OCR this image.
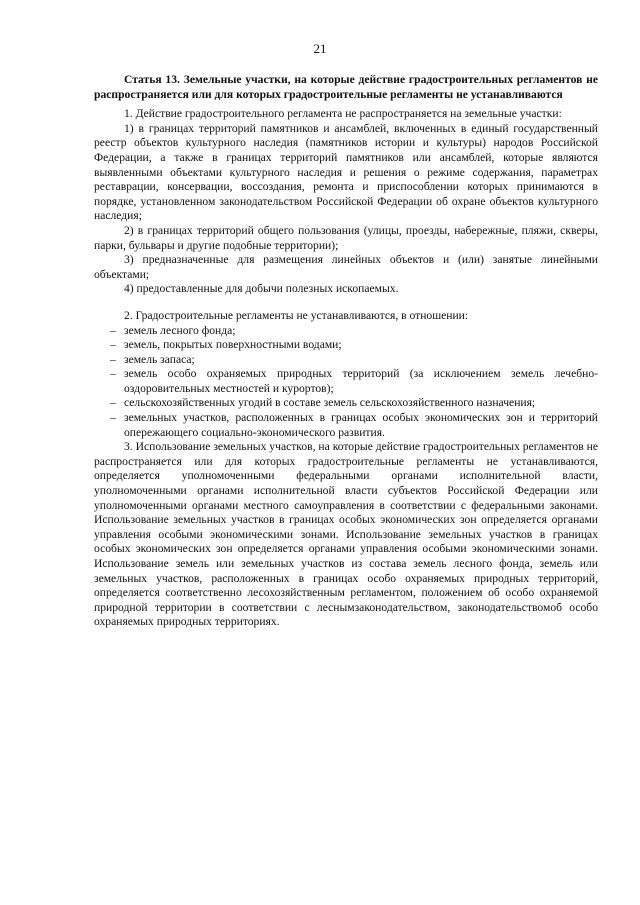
21

Статья 13. Земельные участки, на которые действие градостроительных регламентов не распространяется или для которых градостроительные регламенты не устанавливаются

1. Действие градостроительного регламента не распространяется на земельные участки:

1) в границах территорий памятников и ансамблей, включенных в единый государственный реестр объектов культурного наследия (памятников истории и культуры) народов Российской Федерации, а также в границах территорий памятников или ансамблей, которые являются выявленными объектами культурного наследия и решения о режиме содержания, параметрах реставрации, консервации, воссоздания, ремонта и приспособлении которых принимаются в порядке, установленном законодательством Российской Федерации об охране объектов культурного наследия;

2) в границах территорий общего пользования (улицы, проезды, набережные, пляжи, скверы, парки, бульвары и другие подобные территории);

3) предназначенные для размещения линейных объектов и (или) занятые линейными объектами;

4) предоставленные для добычи полезных ископаемых.

2. Градостроительные регламенты не устанавливаются, в отношении:

– земель лесного фонда;
– земель, покрытых поверхностными водами;
– земель запаса;
– земель особо охраняемых природных территорий (за исключением земель лечебно-оздоровительных местностей и курортов);
– сельскохозяйственных угодий в составе земель сельскохозяйственного назначения;
– земельных участков, расположенных в границах особых экономических зон и территорий опережающего социально-экономического развития.

3. Использование земельных участков, на которые действие градостроительных регламентов не распространяется или для которых градостроительные регламенты не устанавливаются, определяется уполномоченными федеральными органами исполнительной власти, уполномоченными органами исполнительной власти субъектов Российской Федерации или уполномоченными органами местного самоуправления в соответствии с федеральными законами. Использование земельных участков в границах особых экономических зон определяется органами управления особыми экономическими зонами. Использование земельных участков в границах особых экономических зон определяется органами управления особыми экономическими зонами. Использование земель или земельных участков из состава земель лесного фонда, земель или земельных участков, расположенных в границах особо охраняемых природных территорий, определяется соответственно лесохозяйственным регламентом, положением об особо охраняемой природной территории в соответствии с леснымзаконодательством, законодательствомоб особо охраняемых природных территориях.
